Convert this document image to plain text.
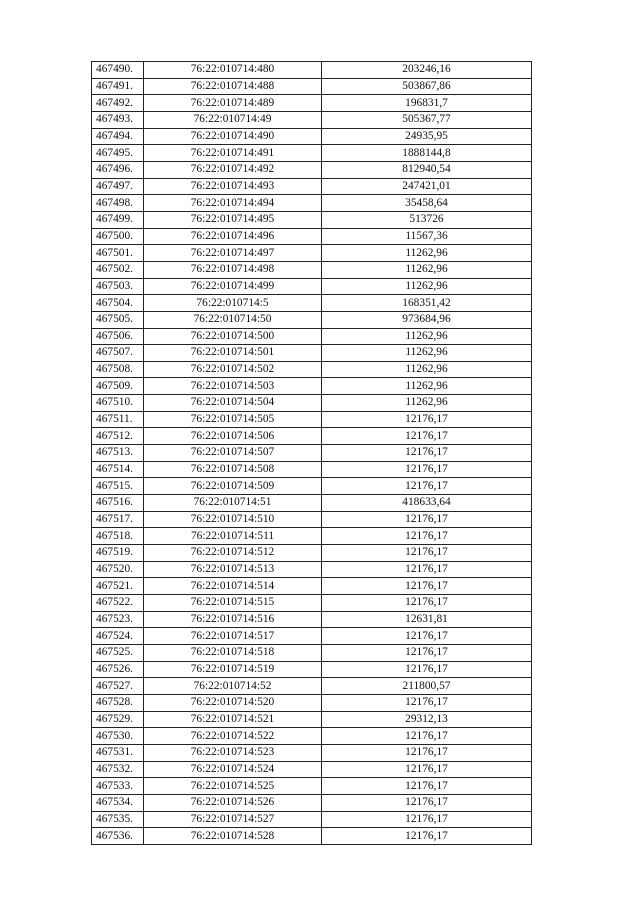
467490.	76:22:010714:480	203246,16
467491.	76:22:010714:488	503867,86
467492.	76:22:010714:489	196831,7
467493.	76:22:010714:49	505367,77
467494.	76:22:010714:490	24935,95
467495.	76:22:010714:491	1888144,8
467496.	76:22:010714:492	812940,54
467497.	76:22:010714:493	247421,01
467498.	76:22:010714:494	35458,64
467499.	76:22:010714:495	513726
467500.	76:22:010714:496	11567,36
467501.	76:22:010714:497	11262,96
467502.	76:22:010714:498	11262,96
467503.	76:22:010714:499	11262,96
467504.	76:22:010714:5	168351,42
467505.	76:22:010714:50	973684,96
467506.	76:22:010714:500	11262,96
467507.	76:22:010714:501	11262,96
467508.	76:22:010714:502	11262,96
467509.	76:22:010714:503	11262,96
467510.	76:22:010714:504	11262,96
467511.	76:22:010714:505	12176,17
467512.	76:22:010714:506	12176,17
467513.	76:22:010714:507	12176,17
467514.	76:22:010714:508	12176,17
467515.	76:22:010714:509	12176,17
467516.	76:22:010714:51	418633,64
467517.	76:22:010714:510	12176,17
467518.	76:22:010714:511	12176,17
467519.	76:22:010714:512	12176,17
467520.	76:22:010714:513	12176,17
467521.	76:22:010714:514	12176,17
467522.	76:22:010714:515	12176,17
467523.	76:22:010714:516	12631,81
467524.	76:22:010714:517	12176,17
467525.	76:22:010714:518	12176,17
467526.	76:22:010714:519	12176,17
467527.	76:22:010714:52	211800,57
467528.	76:22:010714:520	12176,17
467529.	76:22:010714:521	29312,13
467530.	76:22:010714:522	12176,17
467531.	76:22:010714:523	12176,17
467532.	76:22:010714:524	12176,17
467533.	76:22:010714:525	12176,17
467534.	76:22:010714:526	12176,17
467535.	76:22:010714:527	12176,17
467536.	76:22:010714:528	12176,17
